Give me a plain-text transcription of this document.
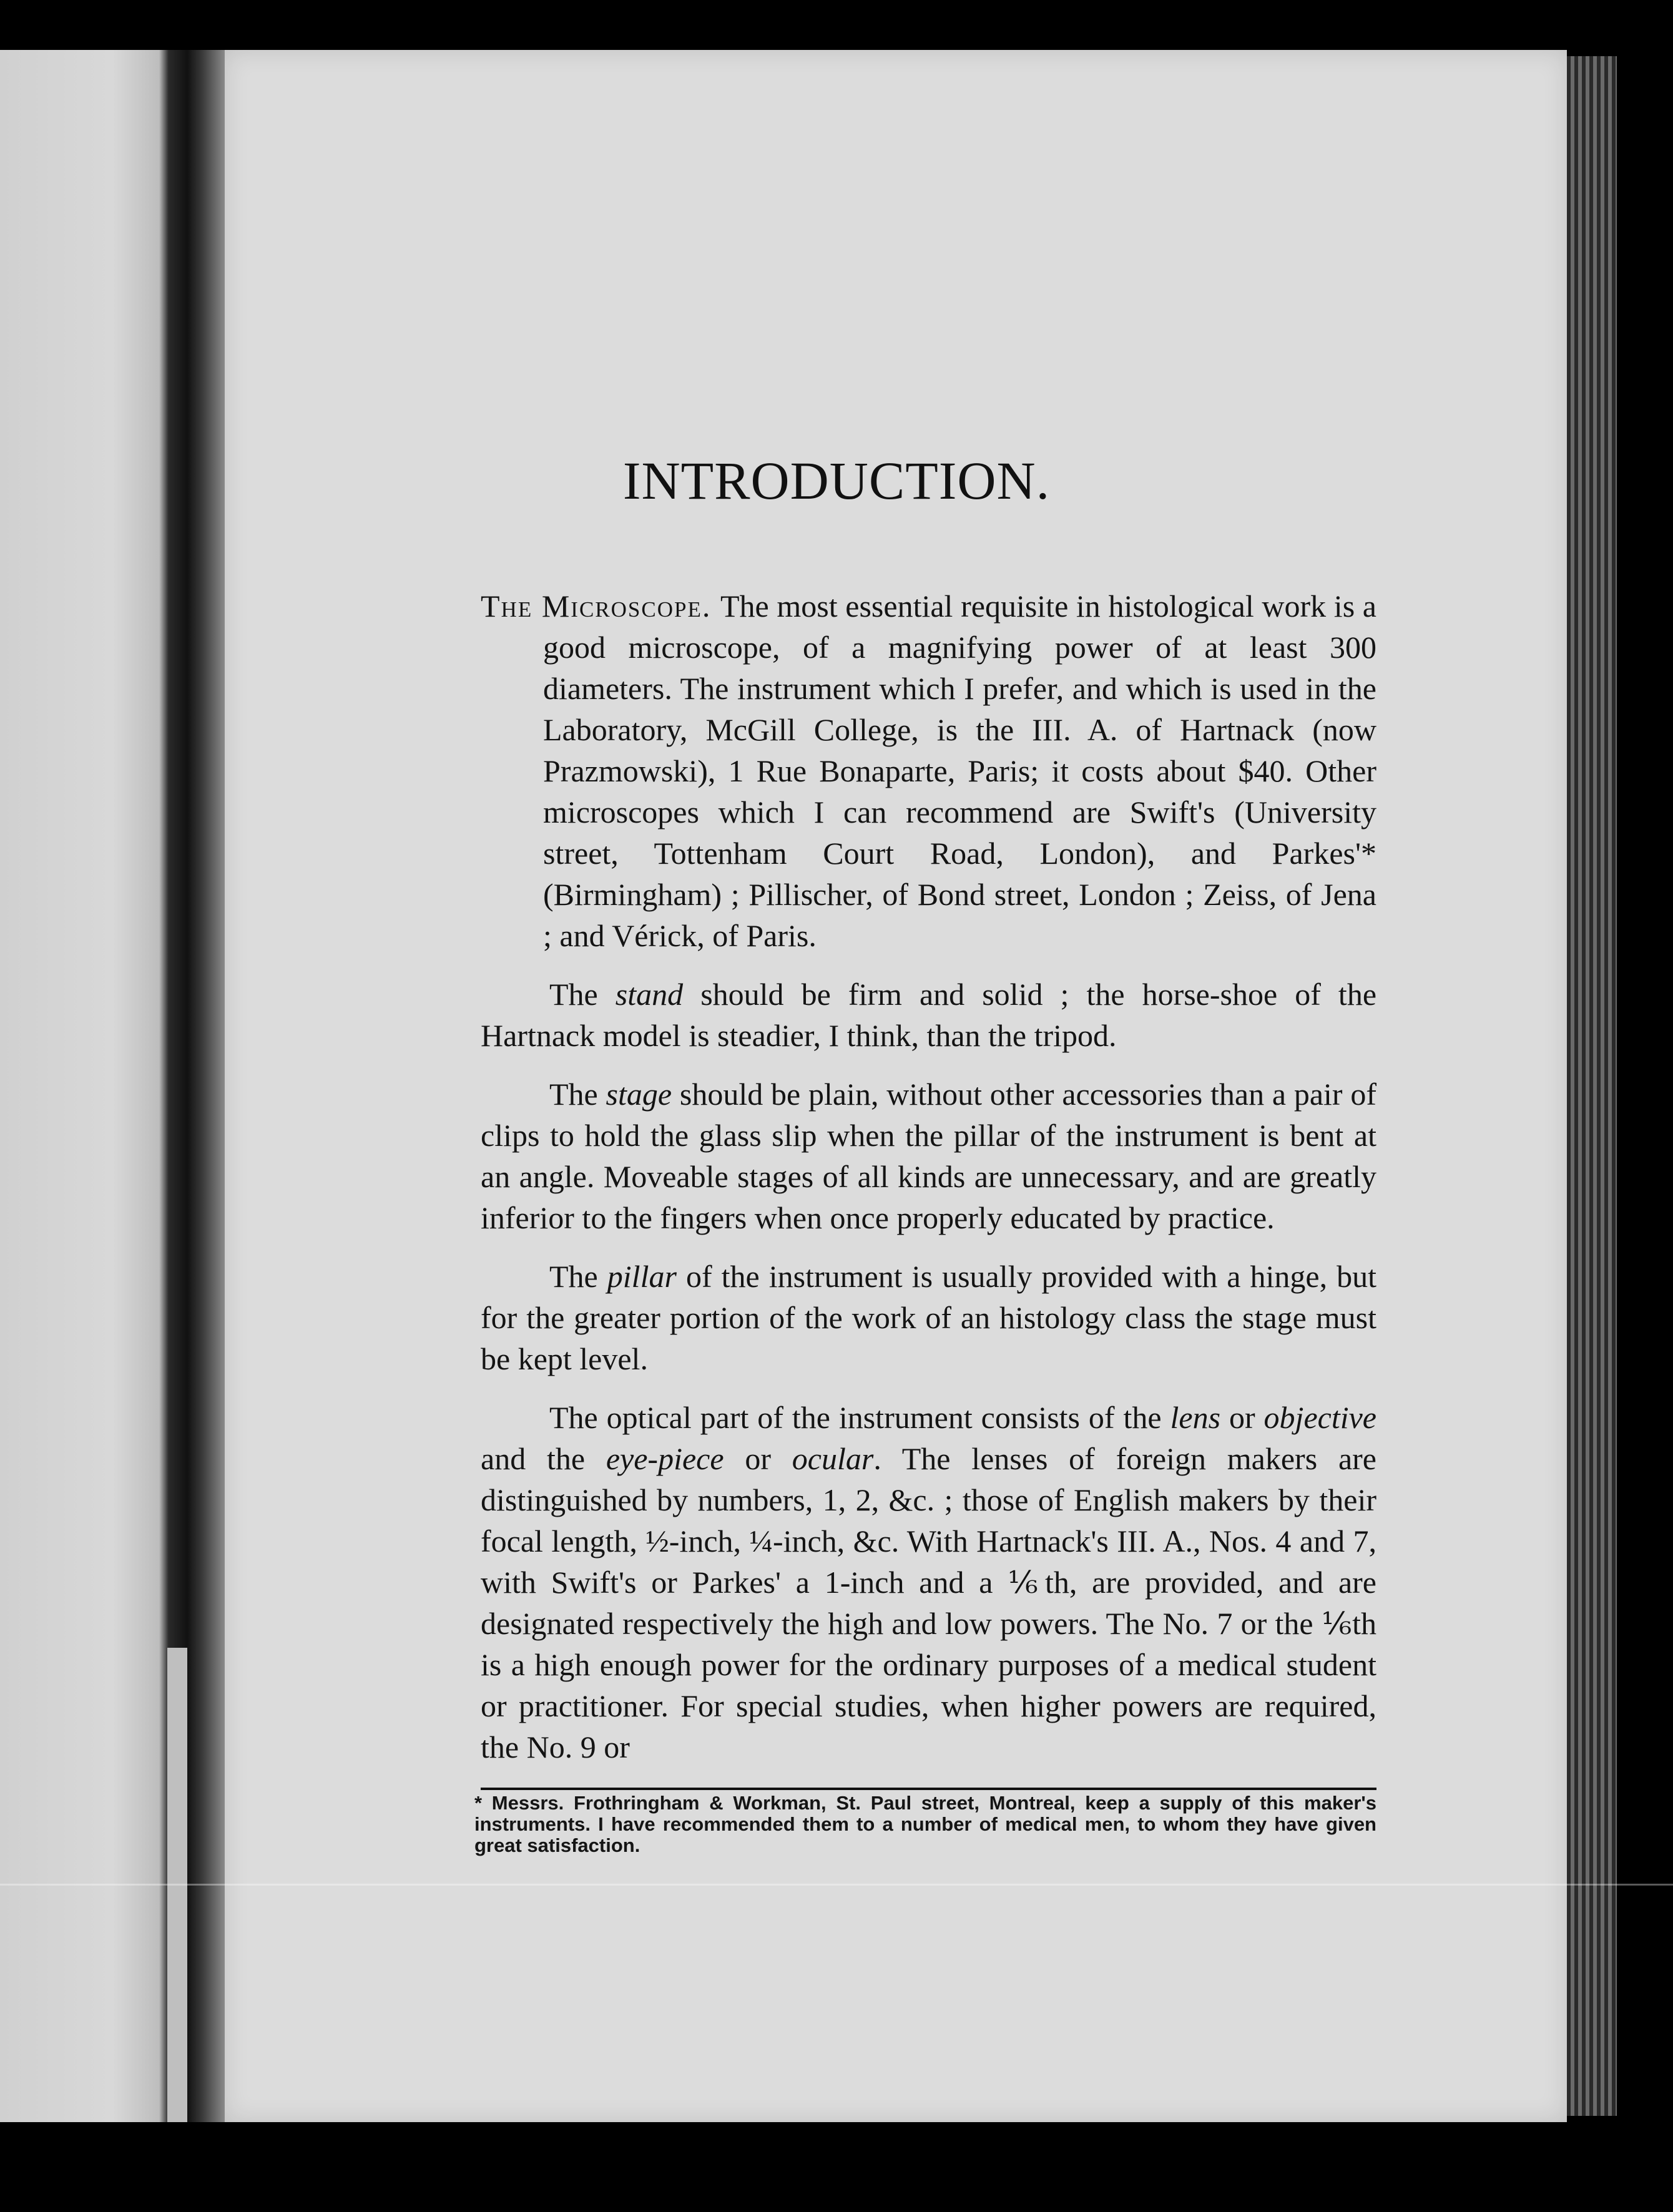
INTRODUCTION.

The Microscope. The most essential requisite in histological work is a good microscope, of a magnifying power of at least 300 diameters. The instrument which I prefer, and which is used in the Laboratory, McGill College, is the III. A. of Hartnack (now Prazmowski), 1 Rue Bonaparte, Paris; it costs about $40. Other microscopes which I can recommend are Swift's (University street, Tottenham Court Road, London), and Parkes'* (Birmingham) ; Pillischer, of Bond street, London ; Zeiss, of Jena ; and Vérick, of Paris.

The stand should be firm and solid ; the horse-shoe of the Hartnack model is steadier, I think, than the tripod.

The stage should be plain, without other accessories than a pair of clips to hold the glass slip when the pillar of the instrument is bent at an angle. Moveable stages of all kinds are unnecessary, and are greatly inferior to the fingers when once properly educated by practice.

The pillar of the instrument is usually provided with a hinge, but for the greater portion of the work of an histology class the stage must be kept level.

The optical part of the instrument consists of the lens or objective and the eye-piece or ocular. The lenses of foreign makers are distinguished by numbers, 1, 2, &c. ; those of English makers by their focal length, ½-inch, ¼-inch, &c. With Hartnack's III. A., Nos. 4 and 7, with Swift's or Parkes' a 1-inch and a ⅙th, are provided, and are designated respectively the high and low powers. The No. 7 or the ⅙th is a high enough power for the ordinary purposes of a medical student or practitioner. For special studies, when higher powers are required, the No. 9 or

* Messrs. Frothringham & Workman, St. Paul street, Montreal, keep a supply of this maker's instruments. I have recommended them to a number of medical men, to whom they have given great satisfaction.
